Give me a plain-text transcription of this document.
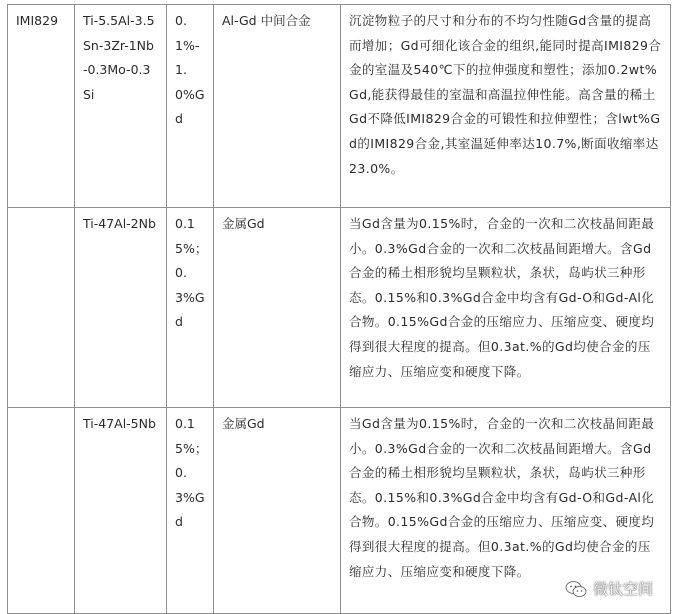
IMI829	Ti-5.5Al-3.5Sn-3Zr-1Nb-0.3Mo-0.3Si	0.1%-1.0%Gd	Al-Gd 中间合金	沉淀物粒子的尺寸和分布的不均匀性随Gd含量的提高而增加；Gd可细化该合金的组织,能同时提高IMI829合金的室温及540℃下的拉伸强度和塑性；添加0.2wt%Gd,能获得最佳的室温和高温拉伸性能。高含量的稀土Gd不降低IMI829合金的可锻性和拉伸塑性；含lwt%Gd的IMI829合金,其室温延伸率达10.7%,断面收缩率达23.0%。
	Ti-47Al-2Nb	0.15%；0.3%Gd	金属Gd	当Gd含量为0.15%时，合金的一次和二次枝晶间距最小。0.3%Gd合金的一次和二次枝晶间距增大。含Gd合金的稀土相形貌均呈颗粒状，条状，岛屿状三种形态。0.15%和0.3%Gd合金中均含有Gd-O和Gd-Al化合物。0.15%Gd合金的压缩应力、压缩应变、硬度均得到很大程度的提高。但0.3at.%的Gd均使合金的压缩应力、压缩应变和硬度下降。
	Ti-47Al-5Nb	0.15%；0.3%Gd	金属Gd	当Gd含量为0.15%时，合金的一次和二次枝晶间距最小。0.3%Gd合金的一次和二次枝晶间距增大。含Gd合金的稀土相形貌均呈颗粒状，条状，岛屿状三种形态。0.15%和0.3%Gd合金中均含有Gd-O和Gd-Al化合物。0.15%Gd合金的压缩应力、压缩应变、硬度均得到很大程度的提高。但0.3at.%的Gd均使合金的压缩应力、压缩应变和硬度下降。
微钛空间
